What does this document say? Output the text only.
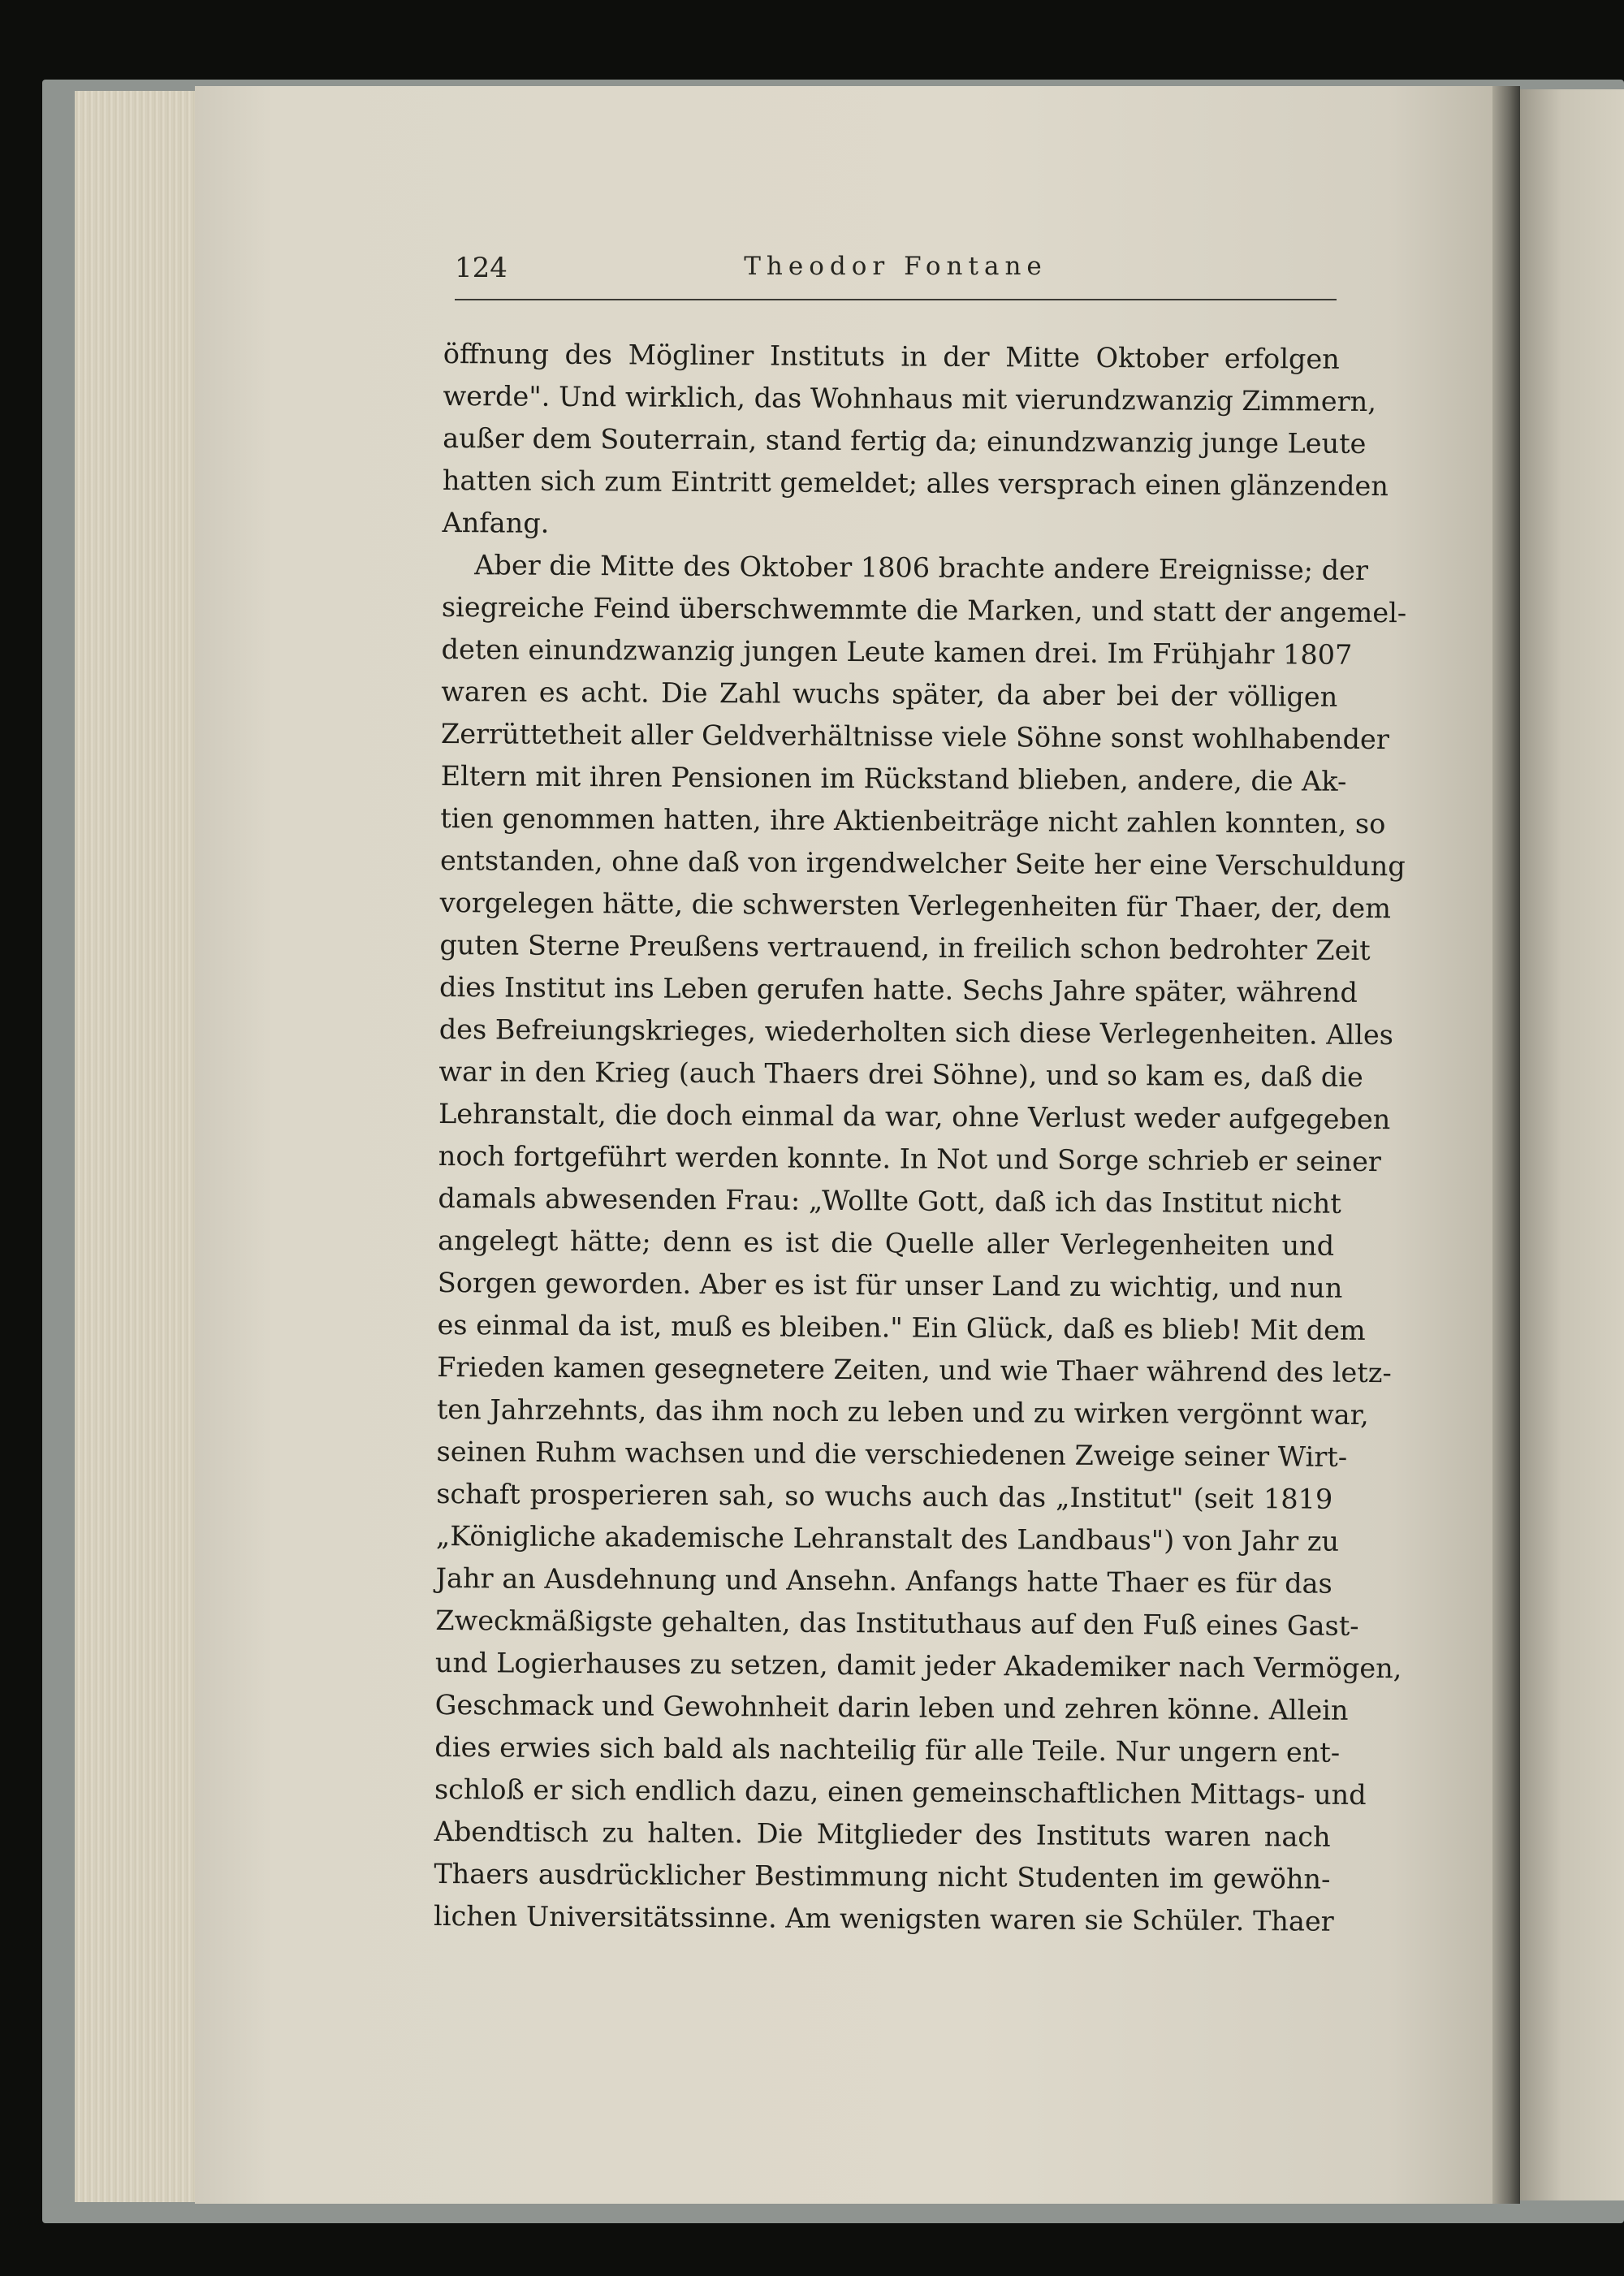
124	Theodor Fontane
öffnung des Mögliner Instituts in der Mitte Oktober erfolgen
werde". Und wirklich, das Wohnhaus mit vierundzwanzig Zimmern,
außer dem Souterrain, stand fertig da; einundzwanzig junge Leute
hatten sich zum Eintritt gemeldet; alles versprach einen glänzenden
Anfang.
Aber die Mitte des Oktober 1806 brachte andere Ereignisse; der
siegreiche Feind überschwemmte die Marken, und statt der angemel-
deten einundzwanzig jungen Leute kamen drei. Im Frühjahr 1807
waren es acht. Die Zahl wuchs später, da aber bei der völligen
Zerrüttetheit aller Geldverhältnisse viele Söhne sonst wohlhabender
Eltern mit ihren Pensionen im Rückstand blieben, andere, die Ak-
tien genommen hatten, ihre Aktienbeiträge nicht zahlen konnten, so
entstanden, ohne daß von irgendwelcher Seite her eine Verschuldung
vorgelegen hätte, die schwersten Verlegenheiten für Thaer, der, dem
guten Sterne Preußens vertrauend, in freilich schon bedrohter Zeit
dies Institut ins Leben gerufen hatte. Sechs Jahre später, während
des Befreiungskrieges, wiederholten sich diese Verlegenheiten. Alles
war in den Krieg (auch Thaers drei Söhne), und so kam es, daß die
Lehranstalt, die doch einmal da war, ohne Verlust weder aufgegeben
noch fortgeführt werden konnte. In Not und Sorge schrieb er seiner
damals abwesenden Frau: „Wollte Gott, daß ich das Institut nicht
angelegt hätte; denn es ist die Quelle aller Verlegenheiten und
Sorgen geworden. Aber es ist für unser Land zu wichtig, und nun
es einmal da ist, muß es bleiben." Ein Glück, daß es blieb! Mit dem
Frieden kamen gesegnetere Zeiten, und wie Thaer während des letz-
ten Jahrzehnts, das ihm noch zu leben und zu wirken vergönnt war,
seinen Ruhm wachsen und die verschiedenen Zweige seiner Wirt-
schaft prosperieren sah, so wuchs auch das „Institut" (seit 1819
„Königliche akademische Lehranstalt des Landbaus") von Jahr zu
Jahr an Ausdehnung und Ansehn. Anfangs hatte Thaer es für das
Zweckmäßigste gehalten, das Instituthaus auf den Fuß eines Gast-
und Logierhauses zu setzen, damit jeder Akademiker nach Vermögen,
Geschmack und Gewohnheit darin leben und zehren könne. Allein
dies erwies sich bald als nachteilig für alle Teile. Nur ungern ent-
schloß er sich endlich dazu, einen gemeinschaftlichen Mittags- und
Abendtisch zu halten. Die Mitglieder des Instituts waren nach
Thaers ausdrücklicher Bestimmung nicht Studenten im gewöhn-
lichen Universitätssinne. Am wenigsten waren sie Schüler. Thaer
